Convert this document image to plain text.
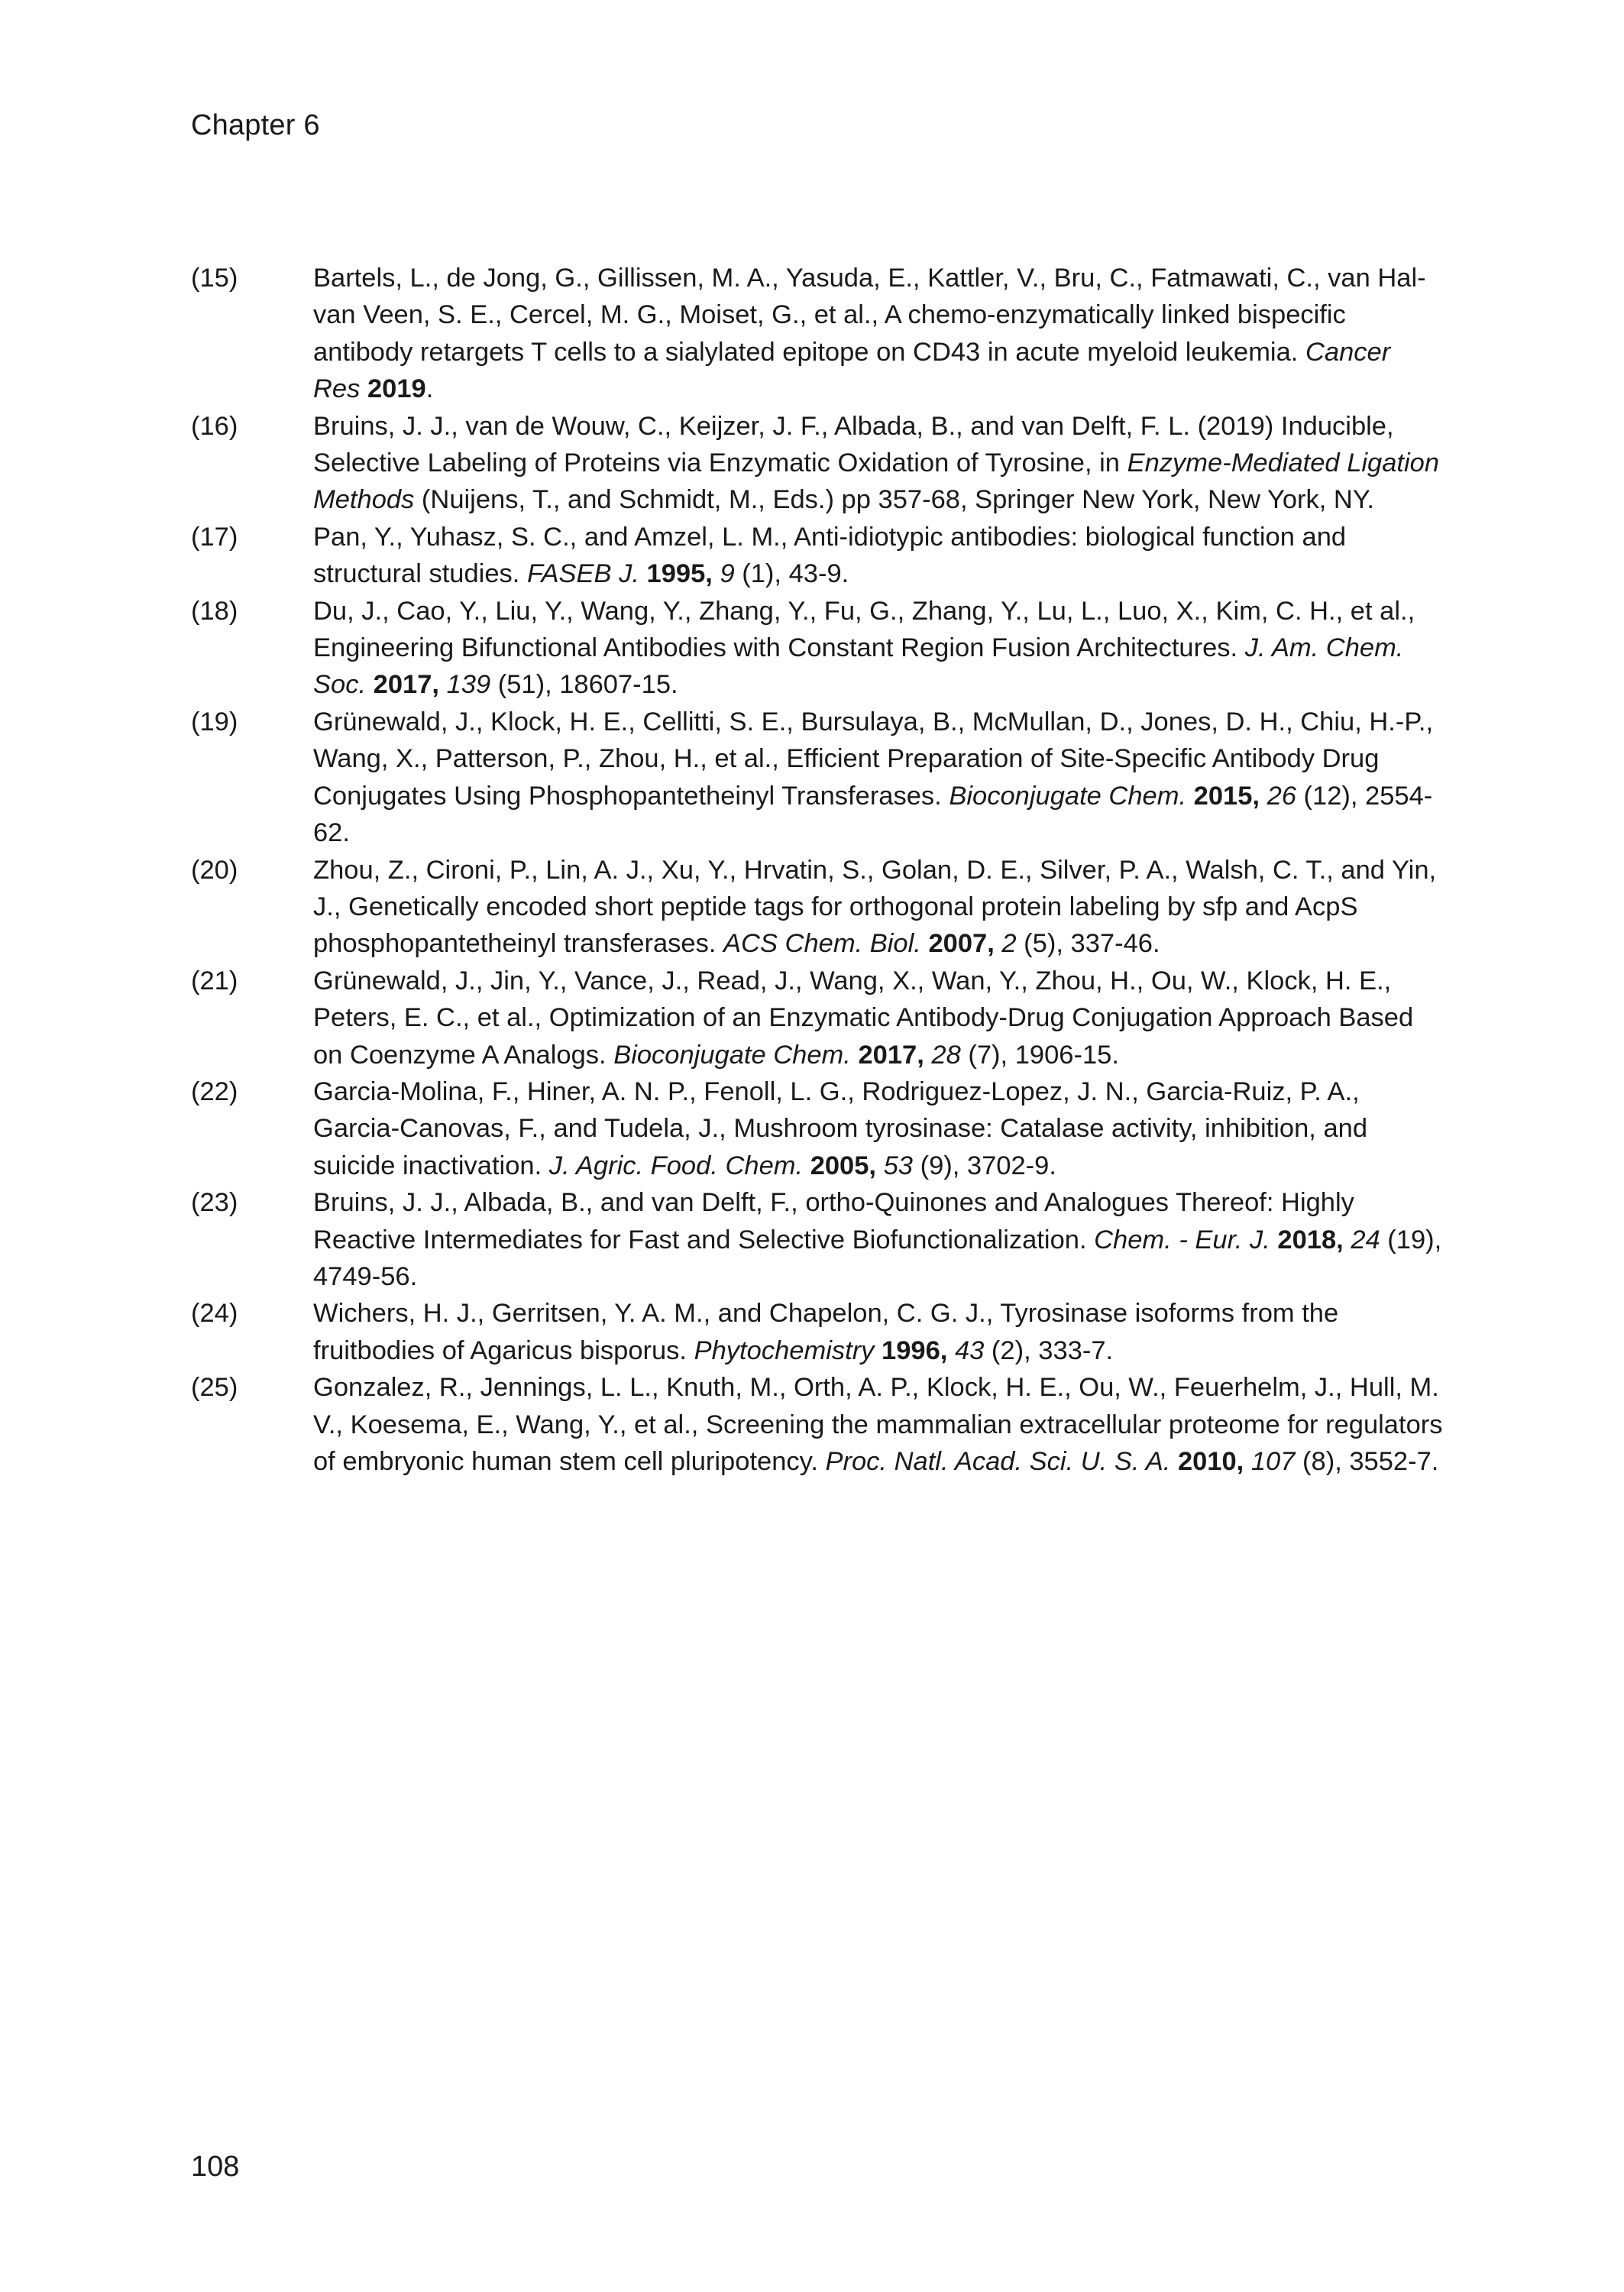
Chapter 6
(15)	Bartels, L., de Jong, G., Gillissen, M. A., Yasuda, E., Kattler, V., Bru, C., Fatmawati, C., van Hal-van Veen, S. E., Cercel, M. G., Moiset, G., et al., A chemo-enzymatically linked bispecific antibody retargets T cells to a sialylated epitope on CD43 in acute myeloid leukemia. Cancer Res 2019.
(16)	Bruins, J. J., van de Wouw, C., Keijzer, J. F., Albada, B., and van Delft, F. L. (2019) Inducible, Selective Labeling of Proteins via Enzymatic Oxidation of Tyrosine, in Enzyme-Mediated Ligation Methods (Nuijens, T., and Schmidt, M., Eds.) pp 357-68, Springer New York, New York, NY.
(17)	Pan, Y., Yuhasz, S. C., and Amzel, L. M., Anti-idiotypic antibodies: biological function and structural studies. FASEB J. 1995, 9 (1), 43-9.
(18)	Du, J., Cao, Y., Liu, Y., Wang, Y., Zhang, Y., Fu, G., Zhang, Y., Lu, L., Luo, X., Kim, C. H., et al., Engineering Bifunctional Antibodies with Constant Region Fusion Architectures. J. Am. Chem. Soc. 2017, 139 (51), 18607-15.
(19)	Grünewald, J., Klock, H. E., Cellitti, S. E., Bursulaya, B., McMullan, D., Jones, D. H., Chiu, H.-P., Wang, X., Patterson, P., Zhou, H., et al., Efficient Preparation of Site-Specific Antibody Drug Conjugates Using Phosphopantetheinyl Transferases. Bioconjugate Chem. 2015, 26 (12), 2554-62.
(20)	Zhou, Z., Cironi, P., Lin, A. J., Xu, Y., Hrvatin, S., Golan, D. E., Silver, P. A., Walsh, C. T., and Yin, J., Genetically encoded short peptide tags for orthogonal protein labeling by sfp and AcpS phosphopantetheinyl transferases. ACS Chem. Biol. 2007, 2 (5), 337-46.
(21)	Grünewald, J., Jin, Y., Vance, J., Read, J., Wang, X., Wan, Y., Zhou, H., Ou, W., Klock, H. E., Peters, E. C., et al., Optimization of an Enzymatic Antibody-Drug Conjugation Approach Based on Coenzyme A Analogs. Bioconjugate Chem. 2017, 28 (7), 1906-15.
(22)	Garcia-Molina, F., Hiner, A. N. P., Fenoll, L. G., Rodriguez-Lopez, J. N., Garcia-Ruiz, P. A., Garcia-Canovas, F., and Tudela, J., Mushroom tyrosinase: Catalase activity, inhibition, and suicide inactivation. J. Agric. Food. Chem. 2005, 53 (9), 3702-9.
(23)	Bruins, J. J., Albada, B., and van Delft, F., ortho-Quinones and Analogues Thereof: Highly Reactive Intermediates for Fast and Selective Biofunctionalization. Chem. - Eur. J. 2018, 24 (19), 4749-56.
(24)	Wichers, H. J., Gerritsen, Y. A. M., and Chapelon, C. G. J., Tyrosinase isoforms from the fruitbodies of Agaricus bisporus. Phytochemistry 1996, 43 (2), 333-7.
(25)	Gonzalez, R., Jennings, L. L., Knuth, M., Orth, A. P., Klock, H. E., Ou, W., Feuerhelm, J., Hull, M. V., Koesema, E., Wang, Y., et al., Screening the mammalian extracellular proteome for regulators of embryonic human stem cell pluripotency. Proc. Natl. Acad. Sci. U. S. A. 2010, 107 (8), 3552-7.
108
